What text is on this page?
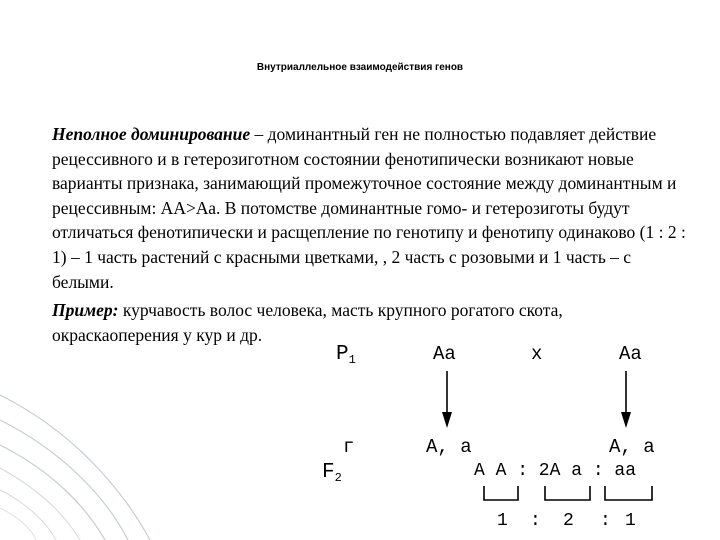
Внутриаллельное взаимодействия генов

Неполное доминирование – доминантный ген не полностью подавляет действие рецессивного и в гетерозиготном состоянии фенотипически возникают новые варианты признака, занимающий промежуточное состояние между доминантным и рецессивным: АА>Аа. В потомстве доминантные гомо- и гетерозиготы будут отличаться фенотипически и расщепление по генотипу и фенотипу одинаково (1 : 2 : 1) – 1 часть растений с красными цветками, , 2 часть с розовыми и 1 часть – с белыми.

Пример: курчавость волос человека, масть крупного рогатого скота, окраскаоперения у кур и др.

$P_1$	Aa	x	Aa
г	A, a	A, a
$F_2$	A A : 2A a : aa
1 : 2 : 1
